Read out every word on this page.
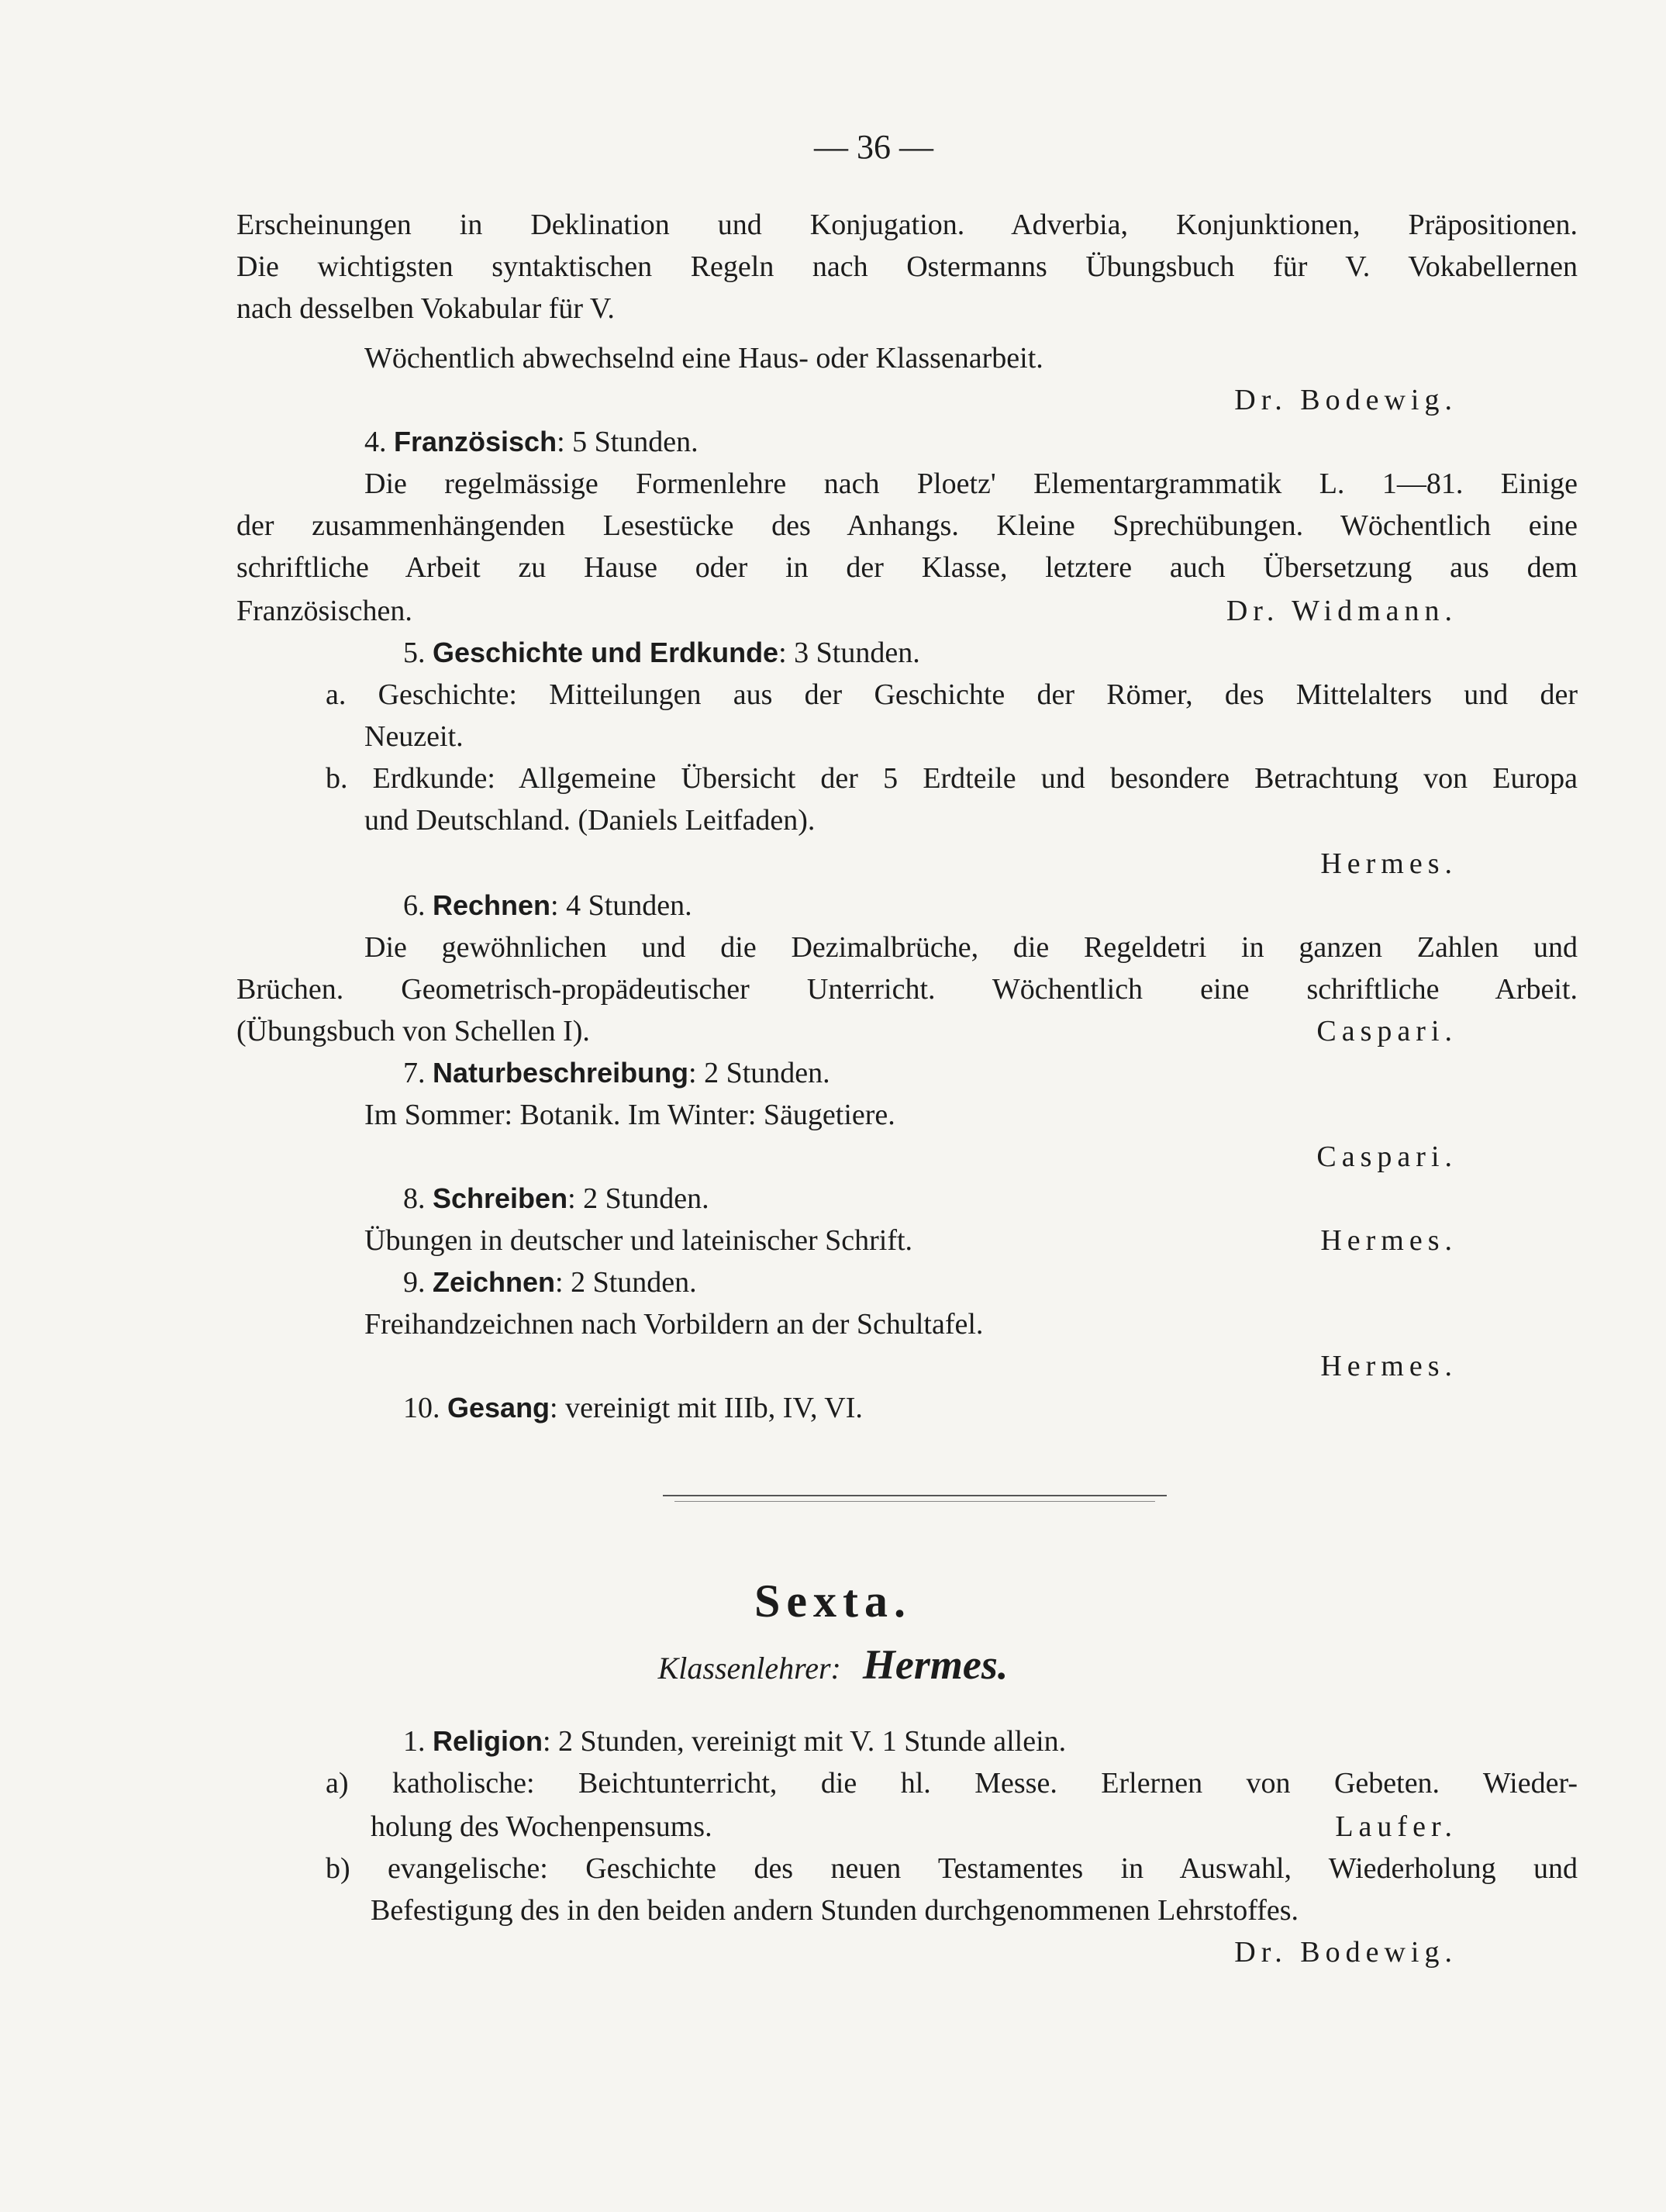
— 36 —
Erscheinungen in Deklination und Konjugation. Adverbia, Konjunktionen, Präpositionen.
Die wichtigsten syntaktischen Regeln nach Ostermanns Übungsbuch für V. Vokabellernen
nach desselben Vokabular für V.
Wöchentlich abwechselnd eine Haus- oder Klassenarbeit.
Dr. Bodewig.
4. Französisch: 5 Stunden.
Die regelmässige Formenlehre nach Ploetz' Elementargrammatik L. 1—81. Einige
der zusammenhängenden Lesestücke des Anhangs. Kleine Sprechübungen. Wöchentlich eine
schriftliche Arbeit zu Hause oder in der Klasse, letztere auch Übersetzung aus dem
Französischen.	Dr. Widmann.
5. Geschichte und Erdkunde: 3 Stunden.
a. Geschichte: Mitteilungen aus der Geschichte der Römer, des Mittelalters und der
Neuzeit.
b. Erdkunde: Allgemeine Übersicht der 5 Erdteile und besondere Betrachtung von Europa
und Deutschland. (Daniels Leitfaden).
Hermes.
6. Rechnen: 4 Stunden.
Die gewöhnlichen und die Dezimalbrüche, die Regeldetri in ganzen Zahlen und
Brüchen. Geometrisch-propädeutischer Unterricht. Wöchentlich eine schriftliche Arbeit.
(Übungsbuch von Schellen I).	Caspari.
7. Naturbeschreibung: 2 Stunden.
Im Sommer: Botanik. Im Winter: Säugetiere.
Caspari.
8. Schreiben: 2 Stunden.
Übungen in deutscher und lateinischer Schrift.	Hermes.
9. Zeichnen: 2 Stunden.
Freihandzeichnen nach Vorbildern an der Schultafel.
Hermes.
10. Gesang: vereinigt mit IIIb, IV, VI.
Sexta.
Klassenlehrer: Hermes.
1. Religion: 2 Stunden, vereinigt mit V. 1 Stunde allein.
a) katholische: Beichtunterricht, die hl. Messe. Erlernen von Gebeten. Wieder-
holung des Wochenpensums.	Laufer.
b) evangelische: Geschichte des neuen Testamentes in Auswahl, Wiederholung und
Befestigung des in den beiden andern Stunden durchgenommenen Lehrstoffes.
Dr. Bodewig.
